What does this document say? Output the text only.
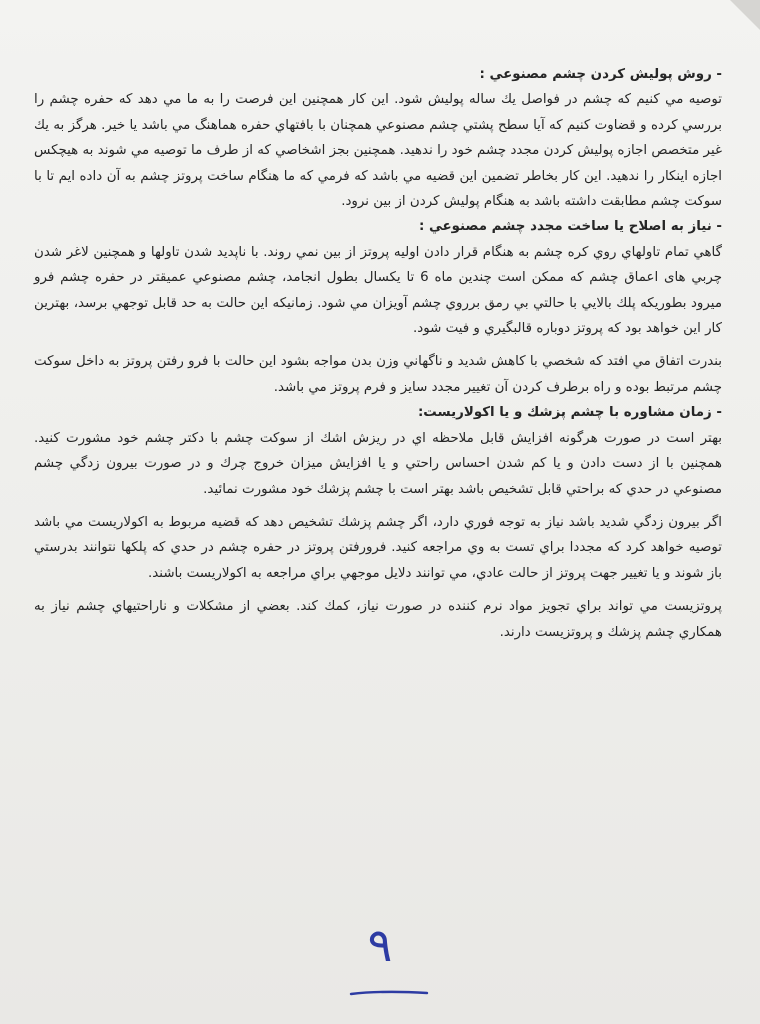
- روش پوليش كردن چشم مصنوعي :

توصيه مي كنيم كه چشم در فواصل يك ساله پوليش شود. اين كار همچنين اين فرصت را به ما مي دهد كه حفره چشم را بررسي كرده و قضاوت كنيم كه آيا سطح پشتي چشم مصنوعي همچنان با بافتهاي حفره هماهنگ مي باشد يا خير. هرگز به يك غير متخصص اجازه پوليش كردن مجدد چشم خود را ندهيد. همچنين بجز اشخاصي كه از طرف ما توصيه مي شوند به هيچكس اجازه اينكار را ندهيد. اين كار بخاطر تضمين اين قضيه مي باشد كه فرمي كه ما هنگام ساخت پروتز چشم به آن داده ايم تا با سوكت چشم مطابقت داشته باشد به هنگام پوليش كردن از بين نرود.

- نياز به اصلاح يا ساخت مجدد چشم مصنوعي :

گاهي تمام تاولهاي روي كره چشم به هنگام قرار دادن اوليه پروتز از بين نمي روند. با ناپديد شدن تاولها و همچنين لاغر شدن چربي هاى اعماق چشم كه ممكن است چندين ماه 6 تا يكسال بطول انجامد، چشم مصنوعي عميقتر در حفره چشم فرو ميرود بطوريكه پلك بالايي با حالتي بي رمق برروي چشم آويزان مي شود. زمانيكه اين حالت به حد قابل توجهي برسد، بهترين كار اين خواهد بود كه پروتز دوباره قالبگيري و فيت شود.

بندرت اتفاق مي افتد كه شخصي با كاهش شديد و ناگهاني وزن بدن مواجه بشود اين حالت با فرو رفتن پروتز به داخل سوكت چشم مرتبط بوده و راه برطرف كردن آن تغيير مجدد سايز و فرم پروتز مي باشد.

- زمان مشاوره با چشم پزشك و يا اكولاريست:

بهتر است در صورت هرگونه افزايش قابل ملاحظه اي در ريزش اشك از سوكت چشم با دكتر چشم خود مشورت كنيد. همچنين با از دست دادن و يا كم شدن احساس راحتي و يا افزايش ميزان خروج چرك و در صورت بيرون زدگي چشم مصنوعي در حدي كه براحتي قابل تشخيص باشد بهتر است با چشم پزشك خود مشورت نمائيد.

اگر بيرون زدگي شديد باشد نياز به توجه فوري دارد، اگر چشم پزشك تشخيص دهد كه قضيه مربوط به اكولاريست مي باشد توصيه خواهد كرد كه مجددا براي تست به وي مراجعه كنيد. فرورفتن پروتز در حفره چشم در حدي كه پلكها نتوانند بدرستي باز شوند و يا تغيير جهت پروتز از حالت عادي، مي توانند دلايل موجهي براي مراجعه به اكولاريست باشند.

پروتزيست مي تواند براي تجويز مواد نرم كننده در صورت نياز، كمك كند. بعضي از مشكلات و ناراحتيهاي چشم نياز به همكاري چشم پزشك و پروتزيست دارند.

۹
